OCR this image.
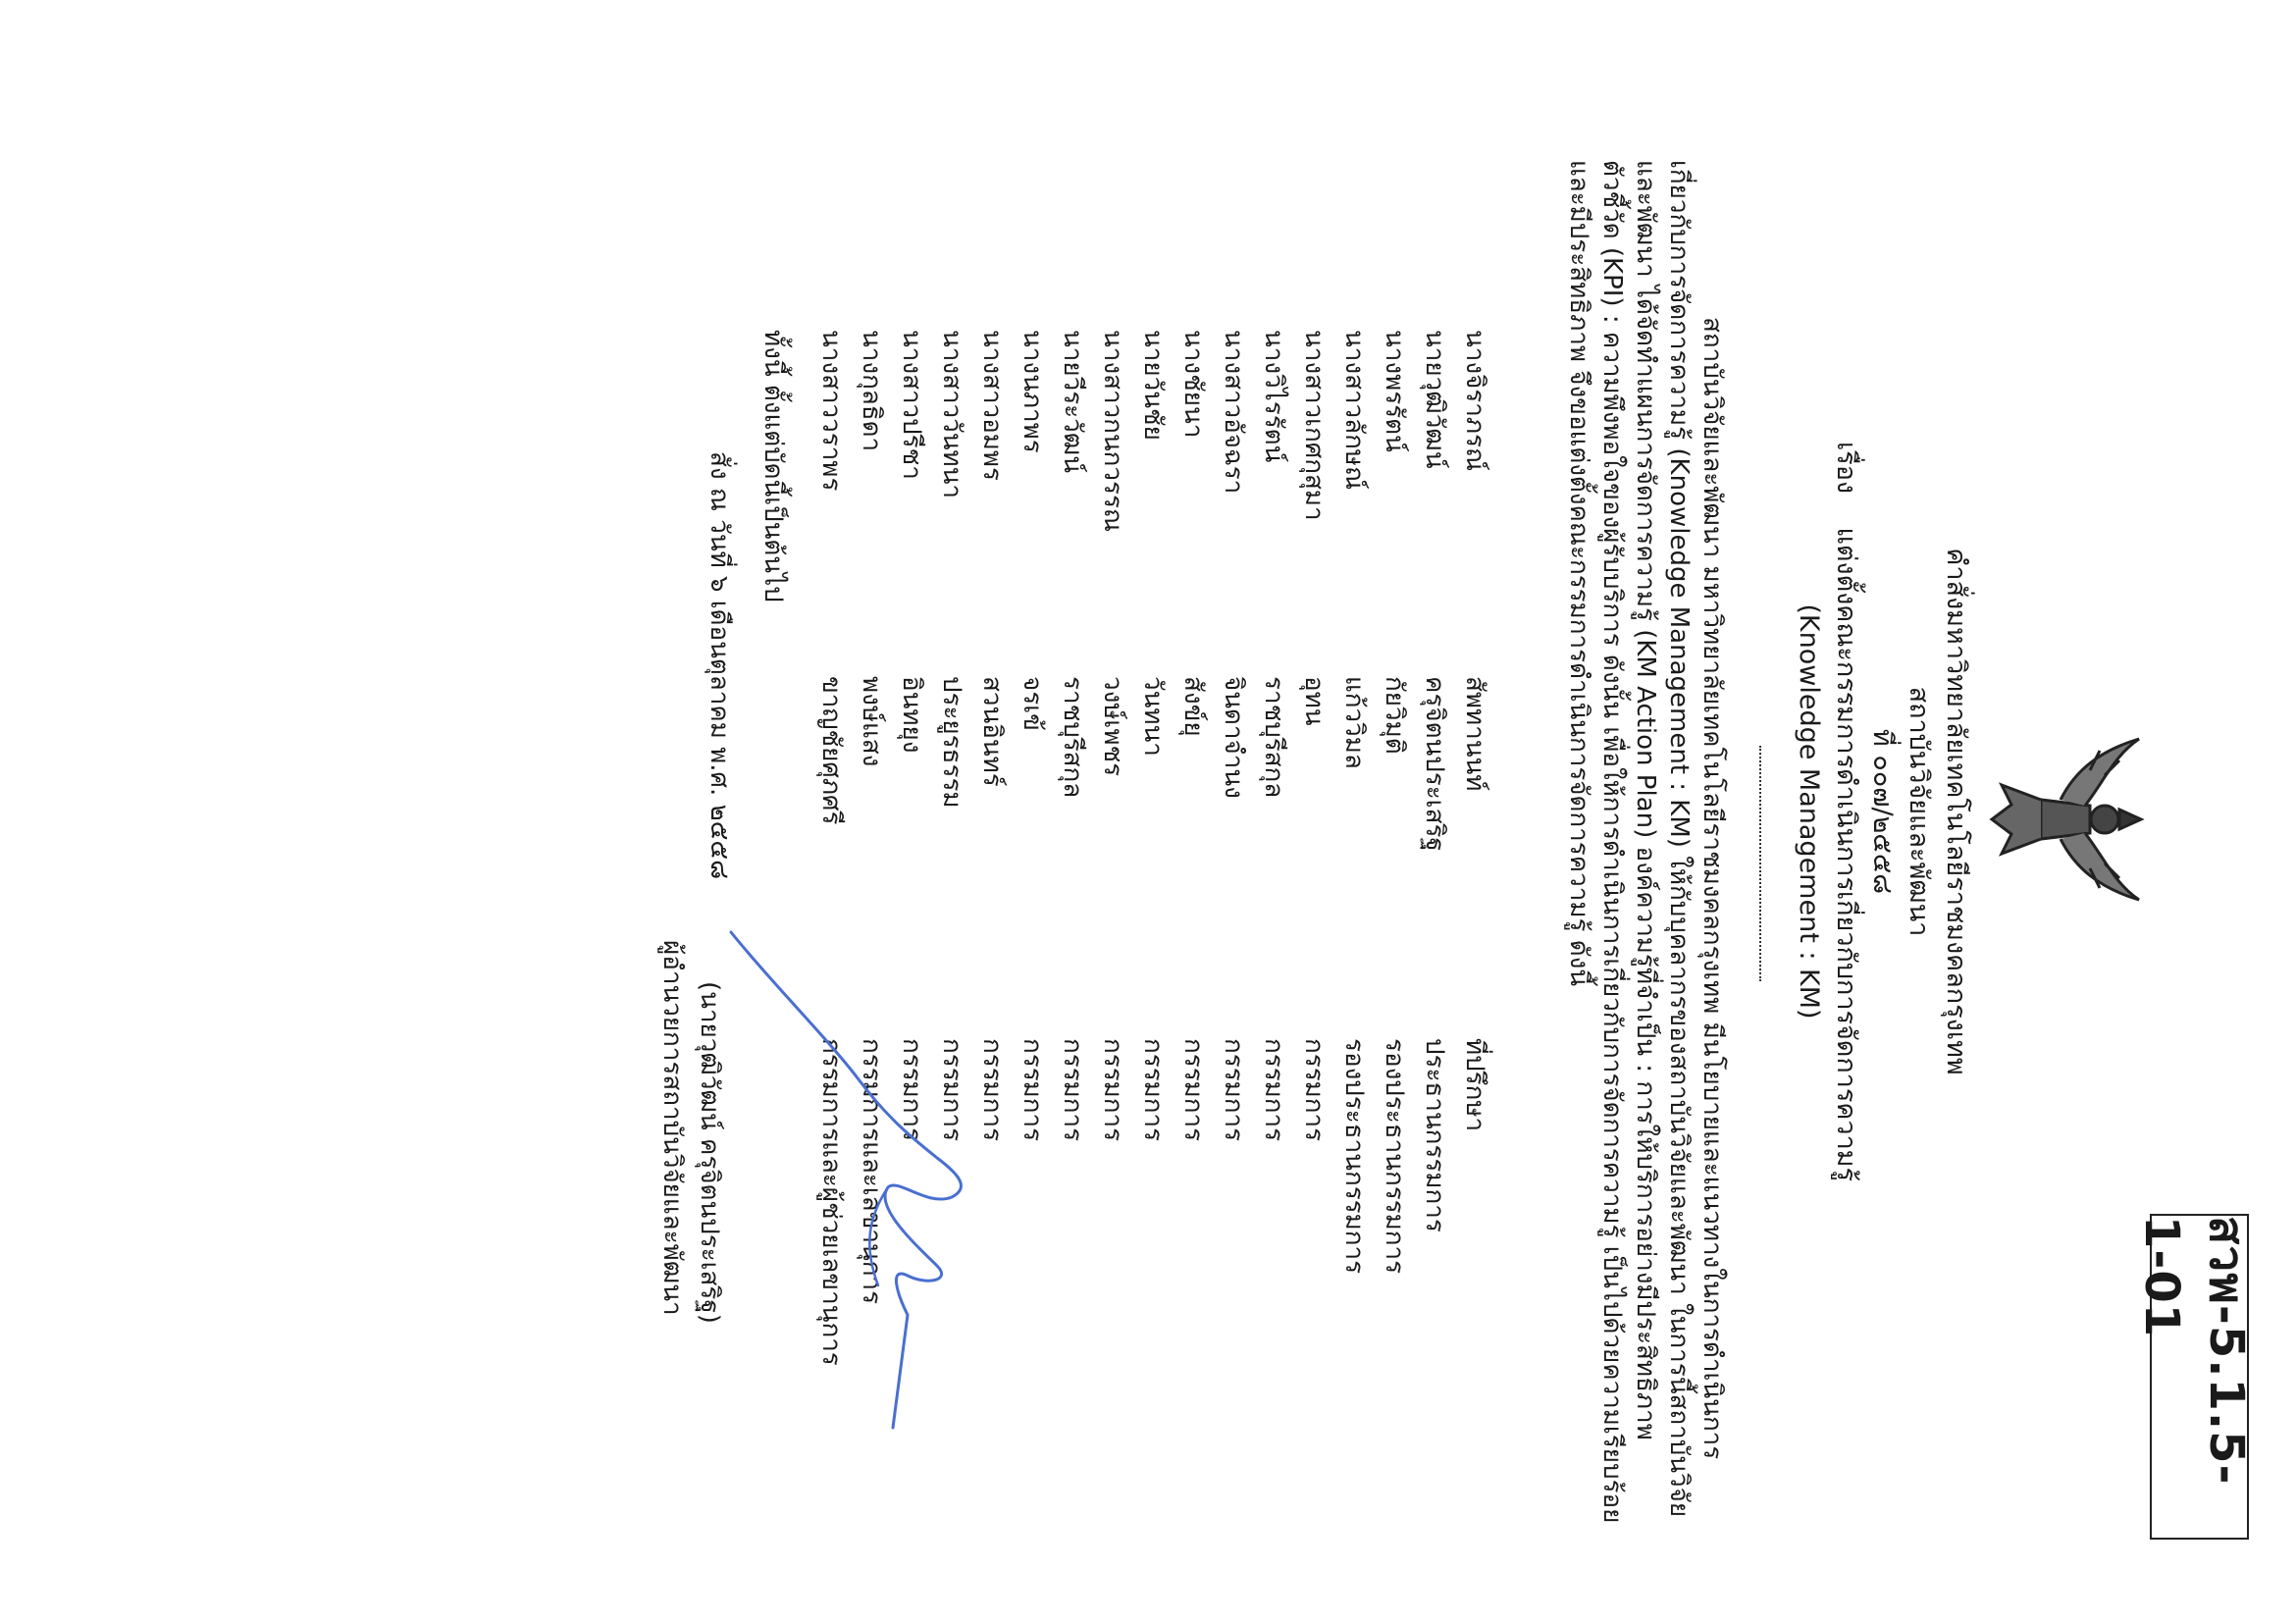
สวพ-5.1.5-1-01
คำสั่งมหาวิทยาลัยเทคโนโลยีราชมงคลกรุงเทพ
สถาบันวิจัยและพัฒนา
ที่ ๐๐๗/๒๕๕๘
เรื่อง    แต่งตั้งคณะกรรมการดำเนินการเกี่ยวกับการจัดการความรู้
(Knowledge Management : KM)
สถาบันวิจัยและพัฒนา มหาวิทยาลัยเทคโนโลยีราชมงคลกรุงเทพ มีนโยบายและแนวทางในการดำเนินการ
เกี่ยวกับการจัดการความรู้ (Knowledge Management : KM) ให้กับบุคลากรของสถาบันวิจัยและพัฒนา ในการนี้สถาบันวิจัย
และพัฒนา ได้จัดทำแผนการจัดการความรู้ (KM Action Plan) องค์ความรู้ที่จำเป็น : การให้บริการอย่างมีประสิทธิภาพ
ตัวชี้วัด (KPI) : ความพึงพอใจของผู้รับบริการ ดังนั้น เพื่อให้การดำเนินการเกี่ยวกับการจัดการความรู้ เป็นไปด้วยความเรียบร้อย
และมีประสิทธิภาพ จึงขอแต่งตั้งคณะกรรมการดำเนินการจัดการความรู้ ดังนี้
นางจิราภรณ์
สัพทานนท์
ที่ปรึกษา
นายวุฒิวัฒน์
ครุจิตนประเสริฐ
ประธานกรรมการ
นางพรรัตน์
กัยวิมุติ
รองประธานกรรมการ
นางสาวลักษณ์
แก้ววิมล
รองประธานกรรมการ
นางสาวเกศกุสุมา
อุทน
กรรมการ
นางวิไรรัตน์
ราชบุรีสกุล
กรรมการ
นางสาวอัจฉรา
จินดาจำนง
กรรมการ
นางชัยนา
สังข์ยุ
กรรมการ
นายวันชัย
วันทนา
กรรมการ
นางสาวกนกวรรณ
วงษ์เพชร
กรรมการ
นายวีระวัฒน์
ราชบุรีสกุล
กรรมการ
นางนภาพร
จรเข้
กรรมการ
นางสาวอมพร
สวนอินทร์
กรรมการ
นางสาววันทนา
ประยูรธรรม
กรรมการ
นางสาวปรีชา
อินทยุง
กรรมการ
นางกุลธิดา
พงษ์แสง
กรรมการและเลขานุการ
นางสาววราพร
ขาญชัยศุภศรี
กรรมการและผู้ช่วยเลขานุการ
ทั้งนี้ ตั้งแต่บัดนี้เป็นต้นไป
สั่ง ณ วันที่ ๖ เดือนตุลาคม พ.ศ. ๒๕๕๘
(นายวุฒิวัฒน์ ครุจิตนประเสริฐ)
ผู้อำนวยการสถาบันวิจัยและพัฒนา
